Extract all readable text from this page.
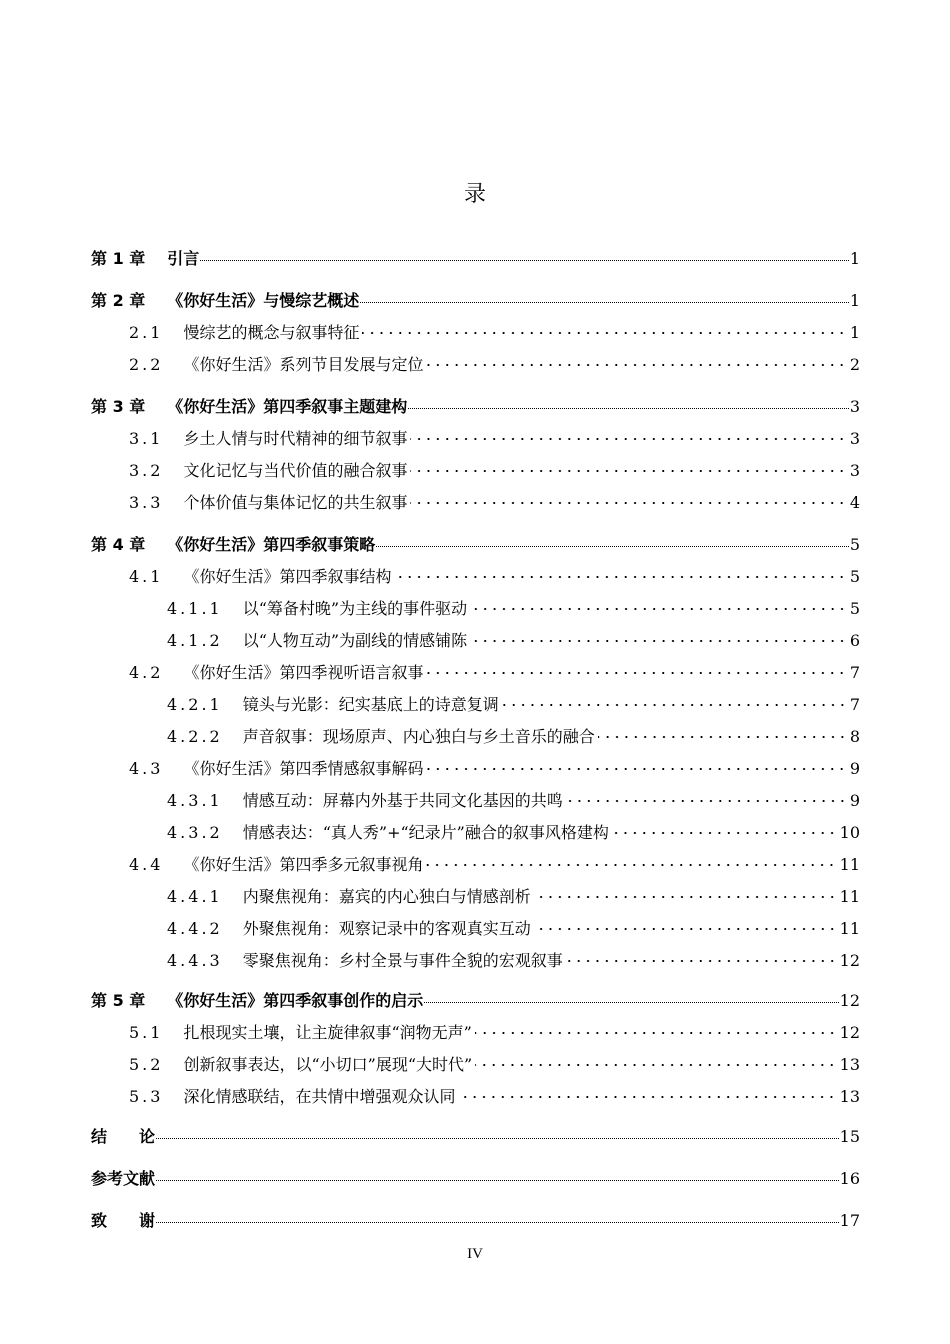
录
第 1 章 引言	1
第 2 章 《你好生活》与慢综艺概述	1
2.1 慢综艺的概念与叙事特征	1
2.2 《你好生活》系列节目发展与定位	2
第 3 章 《你好生活》第四季叙事主题建构	3
3.1 乡土人情与时代精神的细节叙事	3
3.2 文化记忆与当代价值的融合叙事	3
3.3 个体价值与集体记忆的共生叙事	4
第 4 章 《你好生活》第四季叙事策略	5
4.1 《你好生活》第四季叙事结构	5
4.1.1 以“筹备村晚”为主线的事件驱动	5
4.1.2 以“人物互动”为副线的情感铺陈	6
4.2 《你好生活》第四季视听语言叙事	7
4.2.1 镜头与光影：纪实基底上的诗意复调	7
4.2.2 声音叙事：现场原声、内心独白与乡土音乐的融合	8
4.3 《你好生活》第四季情感叙事解码	9
4.3.1 情感互动：屏幕内外基于共同文化基因的共鸣	9
4.3.2 情感表达：“真人秀”+“纪录片”融合的叙事风格建构	10
4.4 《你好生活》第四季多元叙事视角	11
4.4.1 内聚焦视角：嘉宾的内心独白与情感剖析	11
4.4.2 外聚焦视角：观察记录中的客观真实互动	11
4.4.3 零聚焦视角：乡村全景与事件全貌的宏观叙事	12
第 5 章 《你好生活》第四季叙事创作的启示	12
5.1 扎根现实土壤，让主旋律叙事“润物无声”	12
5.2 创新叙事表达，以“小切口”展现“大时代”	13
5.3 深化情感联结，在共情中增强观众认同	13
结　　论	15
参考文献	16
致　　谢	17
IV
